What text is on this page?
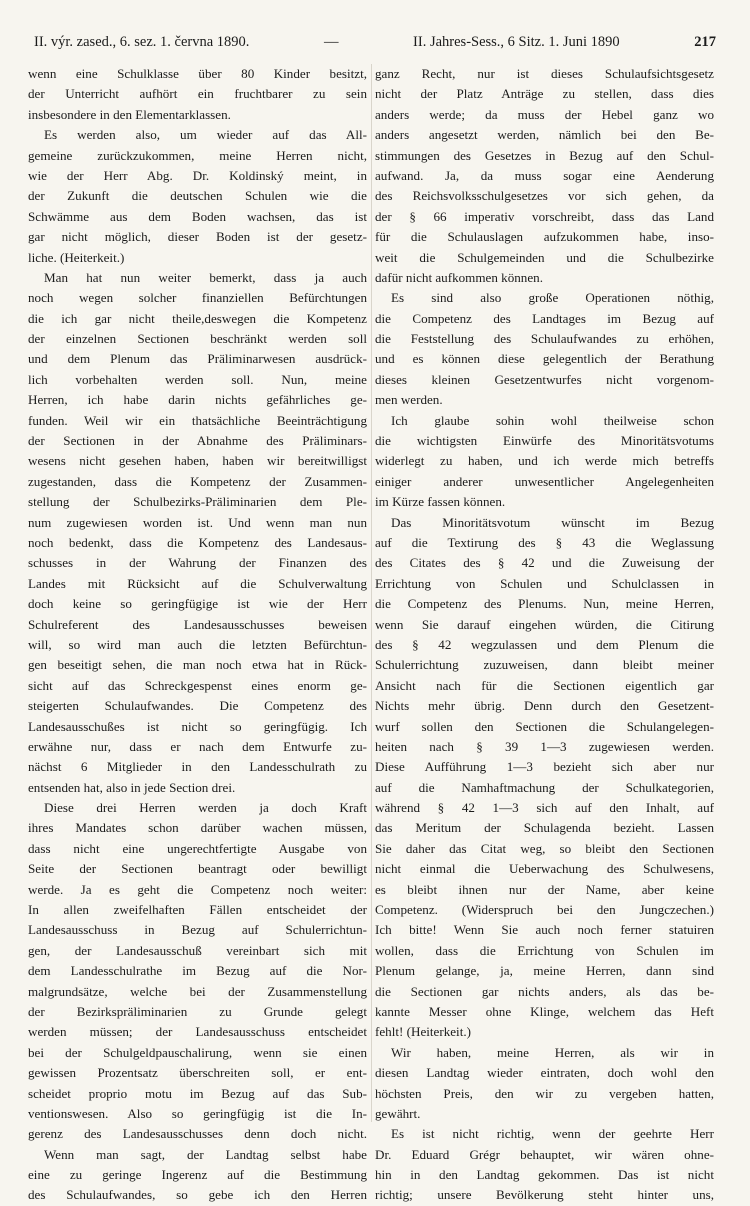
II. výr. zased., 6. sez. 1. června 1890.	—	II. Jahres-Sess., 6 Sitz. 1. Juni 1890	217
wenn eine Schulklasse über 80 Kinder besitzt,
der Unterricht aufhört ein fruchtbarer zu sein
insbesondere in den Elementarklassen.
Es werden also, um wieder auf das All-
gemeine zurückzukommen, meine Herren nicht,
wie der Herr Abg. Dr. Koldinský meint, in
der Zukunft die deutschen Schulen wie die
Schwämme aus dem Boden wachsen, das ist
gar nicht möglich, dieser Boden ist der gesetz-
liche. (Heiterkeit.)
Man hat nun weiter bemerkt, dass ja auch
noch wegen solcher finanziellen Befürchtungen
die ich gar nicht theile,deswegen die Kompetenz
der einzelnen Sectionen beschränkt werden soll
und dem Plenum das Präliminarwesen ausdrück-
lich vorbehalten werden soll. Nun, meine
Herren, ich habe darin nichts gefährliches ge-
funden. Weil wir ein thatsächliche Beeinträchtigung
der Sectionen in der Abnahme des Präliminars-
wesens nicht gesehen haben, haben wir bereitwilligst
zugestanden, dass die Kompetenz der Zusammen-
stellung der Schulbezirks-Präliminarien dem Ple-
num zugewiesen worden ist. Und wenn man nun
noch bedenkt, dass die Kompetenz des Landesaus-
schusses in der Wahrung der Finanzen des
Landes mit Rücksicht auf die Schulverwaltung
doch keine so geringfügige ist wie der Herr
Schulreferent des Landesausschusses beweisen
will, so wird man auch die letzten Befürchtun-
gen beseitigt sehen, die man noch etwa hat in Rück-
sicht auf das Schreckgespenst eines enorm ge-
steigerten Schulaufwandes. Die Competenz des
Landesausschußes ist nicht so geringfügig. Ich
erwähne nur, dass er nach dem Entwurfe zu-
nächst 6 Mitglieder in den Landesschulrath zu
entsenden hat, also in jede Section drei.
Diese drei Herren werden ja doch Kraft
ihres Mandates schon darüber wachen müssen,
dass nicht eine ungerechtfertigte Ausgabe von
Seite der Sectionen beantragt oder bewilligt
werde. Ja es geht die Competenz noch weiter:
In allen zweifelhaften Fällen entscheidet der
Landesausschuss in Bezug auf Schulerrichtun-
gen, der Landesausschuß vereinbart sich mit
dem Landesschulrathe im Bezug auf die Nor-
malgrundsätze, welche bei der Zusammenstellung
der Bezirkspräliminarien zu Grunde gelegt
werden müssen; der Landesausschuss entscheidet
bei der Schulgeldpauschalirung, wenn sie einen
gewissen Prozentsatz überschreiten soll, er ent-
scheidet proprio motu im Bezug auf das Sub-
ventionswesen. Also so geringfügig ist die In-
gerenz des Landesausschusses denn doch nicht.
Wenn man sagt, der Landtag selbst habe
eine zu geringe Ingerenz auf die Bestimmung
des Schulaufwandes, so gebe ich den Herren
ganz Recht, nur ist dieses Schulaufsichtsgesetz
nicht der Platz Anträge zu stellen, dass dies
anders werde; da muss der Hebel ganz wo
anders angesetzt werden, nämlich bei den Be-
stimmungen des Gesetzes in Bezug auf den Schul-
aufwand. Ja, da muss sogar eine Aenderung
des Reichsvolksschulgesetzes vor sich gehen, da
der § 66 imperativ vorschreibt, dass das Land
für die Schulauslagen aufzukommen habe, inso-
weit die Schulgemeinden und die Schulbezirke
dafür nicht aufkommen können.
Es sind also große Operationen nöthig,
die Competenz des Landtages im Bezug auf
die Feststellung des Schulaufwandes zu erhöhen,
und es können diese gelegentlich der Berathung
dieses kleinen Gesetzentwurfes nicht vorgenom-
men werden.
Ich glaube sohin wohl theilweise schon
die wichtigsten Einwürfe des Minoritätsvotums
widerlegt zu haben, und ich werde mich betreffs
einiger anderer unwesentlicher Angelegenheiten
im Kürze fassen können.
Das Minoritätsvotum wünscht im Bezug
auf die Textirung des § 43 die Weglassung
des Citates des § 42 und die Zuweisung der
Errichtung von Schulen und Schulclassen in
die Competenz des Plenums. Nun, meine Herren,
wenn Sie darauf eingehen würden, die Citirung
des § 42 wegzulassen und dem Plenum die
Schulerrichtung zuzuweisen, dann bleibt meiner
Ansicht nach für die Sectionen eigentlich gar
Nichts mehr übrig. Denn durch den Gesetzent-
wurf sollen den Sectionen die Schulangelegen-
heiten nach § 39 1—3 zugewiesen werden.
Diese Aufführung 1—3 bezieht sich aber nur
auf die Namhaftmachung der Schulkategorien,
während § 42 1—3 sich auf den Inhalt, auf
das Meritum der Schulagenda bezieht. Lassen
Sie daher das Citat weg, so bleibt den Sectionen
nicht einmal die Ueberwachung des Schulwesens,
es bleibt ihnen nur der Name, aber keine
Competenz. (Widerspruch bei den Jungczechen.)
Ich bitte! Wenn Sie auch noch ferner statuiren
wollen, dass die Errichtung von Schulen im
Plenum gelange, ja, meine Herren, dann sind
die Sectionen gar nichts anders, als das be-
kannte Messer ohne Klinge, welchem das Heft
fehlt! (Heiterkeit.)
Wir haben, meine Herren, als wir in
diesen Landtag wieder eintraten, doch wohl den
höchsten Preis, den wir zu vergeben hatten,
gewährt.
Es ist nicht richtig, wenn der geehrte Herr
Dr. Eduard Grégr behauptet, wir wären ohne-
hin in den Landtag gekommen. Das ist nicht
richtig; unsere Bevölkerung steht hinter uns,
